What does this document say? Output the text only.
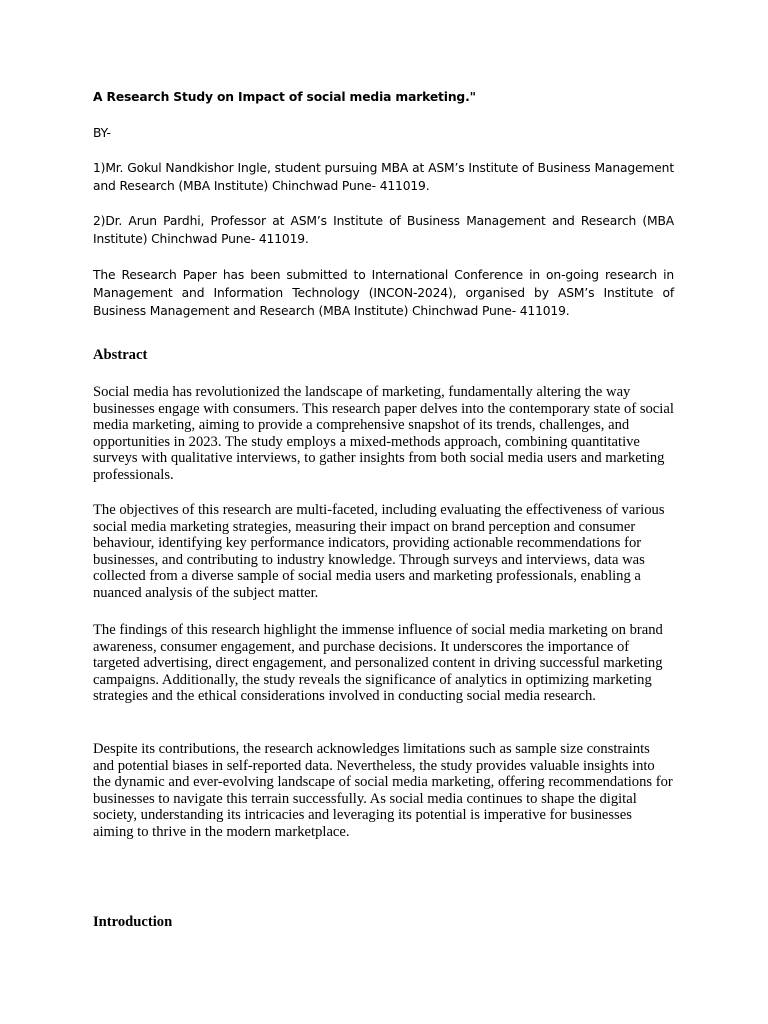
A Research Study on Impact of social media marketing."

BY-

1)Mr. Gokul Nandkishor Ingle, student pursuing MBA at ASM’s Institute of Business Management and Research (MBA Institute) Chinchwad Pune- 411019.

2)Dr. Arun Pardhi, Professor at ASM’s Institute of Business Management and Research (MBA Institute) Chinchwad Pune- 411019.

The Research Paper has been submitted to International Conference in on-going research in Management and Information Technology (INCON-2024), organised by ASM’s Institute of Business Management and Research (MBA Institute) Chinchwad Pune- 411019.

Abstract

Social media has revolutionized the landscape of marketing, fundamentally altering the way businesses engage with consumers. This research paper delves into the contemporary state of social media marketing, aiming to provide a comprehensive snapshot of its trends, challenges, and opportunities in 2023. The study employs a mixed-methods approach, combining quantitative surveys with qualitative interviews, to gather insights from both social media users and marketing professionals.

The objectives of this research are multi-faceted, including evaluating the effectiveness of various social media marketing strategies, measuring their impact on brand perception and consumer behaviour, identifying key performance indicators, providing actionable recommendations for businesses, and contributing to industry knowledge. Through surveys and interviews, data was collected from a diverse sample of social media users and marketing professionals, enabling a nuanced analysis of the subject matter.

The findings of this research highlight the immense influence of social media marketing on brand awareness, consumer engagement, and purchase decisions. It underscores the importance of targeted advertising, direct engagement, and personalized content in driving successful marketing campaigns. Additionally, the study reveals the significance of analytics in optimizing marketing strategies and the ethical considerations involved in conducting social media research.

Despite its contributions, the research acknowledges limitations such as sample size constraints and potential biases in self-reported data. Nevertheless, the study provides valuable insights into the dynamic and ever-evolving landscape of social media marketing, offering recommendations for businesses to navigate this terrain successfully. As social media continues to shape the digital society, understanding its intricacies and leveraging its potential is imperative for businesses aiming to thrive in the modern marketplace.

Introduction
